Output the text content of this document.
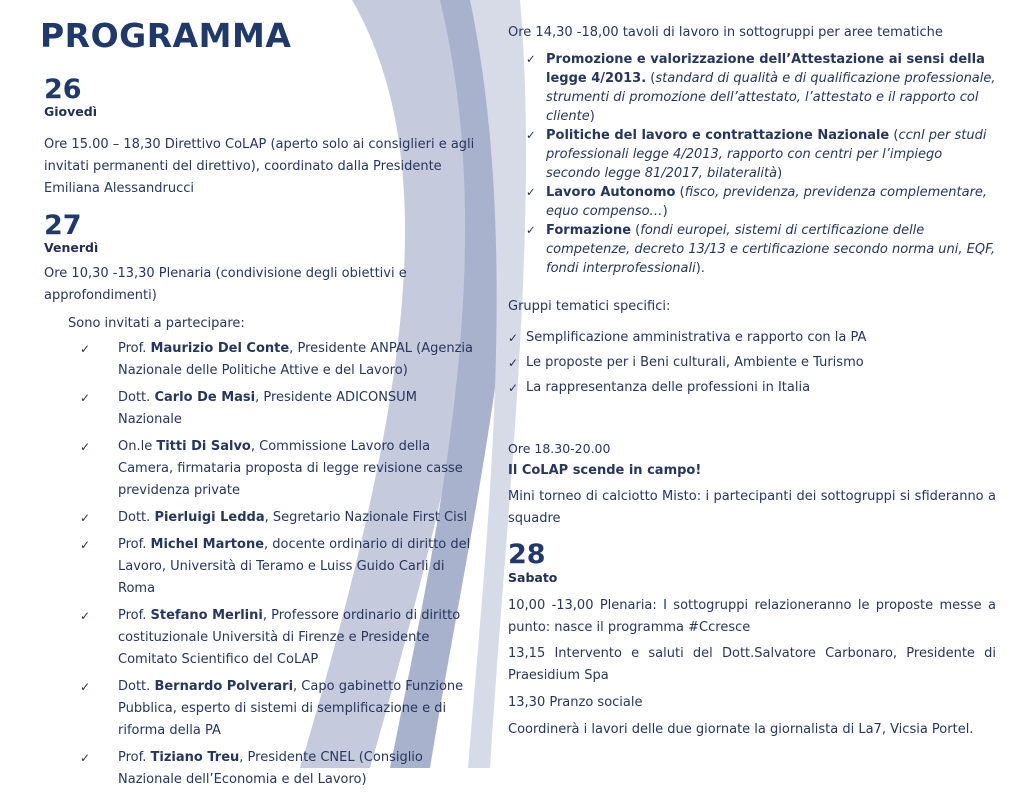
PROGRAMMA
26
Giovedì

Ore 15.00 – 18,30 Direttivo CoLAP (aperto solo ai consiglieri e agli invitati permanenti del direttivo), coordinato dalla Presidente Emiliana Alessandrucci

27
Venerdì

Ore 10,30 -13,30 Plenaria (condivisione degli obiettivi e approfondimenti)

Sono invitati a partecipare:

✓ Prof. Maurizio Del Conte, Presidente ANPAL (Agenzia Nazionale delle Politiche Attive e del Lavoro)
✓ Dott. Carlo De Masi, Presidente ADICONSUM Nazionale
✓ On.le Titti Di Salvo, Commissione Lavoro della Camera, firmataria proposta di legge revisione casse previdenza private
✓ Dott. Pierluigi Ledda, Segretario Nazionale First Cisl
✓ Prof. Michel Martone, docente ordinario di diritto del Lavoro, Università di Teramo e Luiss Guido Carli di Roma
✓ Prof. Stefano Merlini, Professore ordinario di diritto costituzionale Università di Firenze e Presidente Comitato Scientifico del CoLAP
✓ Dott. Bernardo Polverari, Capo gabinetto Funzione Pubblica, esperto di sistemi di semplificazione e di riforma della PA
✓ Prof. Tiziano Treu, Presidente CNEL (Consiglio Nazionale dell’Economia e del Lavoro)

Ore 14,30 -18,00 tavoli di lavoro in sottogruppi per aree tematiche

✓ Promozione e valorizzazione dell’Attestazione ai sensi della legge 4/2013. (standard di qualità e di qualificazione professionale, strumenti di promozione dell’attestato, l’attestato e il rapporto col cliente)
✓ Politiche del lavoro e contrattazione Nazionale (ccnl per studi professionali legge 4/2013, rapporto con centri per l’impiego secondo legge 81/2017, bilateralità)
✓ Lavoro Autonomo (fisco, previdenza, previdenza complementare, equo compenso…)
✓ Formazione (fondi europei, sistemi di certificazione delle competenze, decreto 13/13 e certificazione secondo norma uni, EQF, fondi interprofessionali).

Gruppi tematici specifici:

✓ Semplificazione amministrativa e rapporto con la PA
✓ Le proposte per i Beni culturali, Ambiente e Turismo
✓ La rappresentanza delle professioni in Italia

Ore 18.30-20.00

Il CoLAP scende in campo!

Mini torneo di calciotto Misto: i partecipanti dei sottogruppi si sfideranno a squadre

28
Sabato

10,00 -13,00 Plenaria: I sottogruppi relazioneranno le proposte messe a punto: nasce il programma #Ccresce

13,15 Intervento e saluti del Dott.Salvatore Carbonaro, Presidente di Praesidium Spa

13,30 Pranzo sociale

Coordinerà i lavori delle due giornate la giornalista di La7, Vicsia Portel.
